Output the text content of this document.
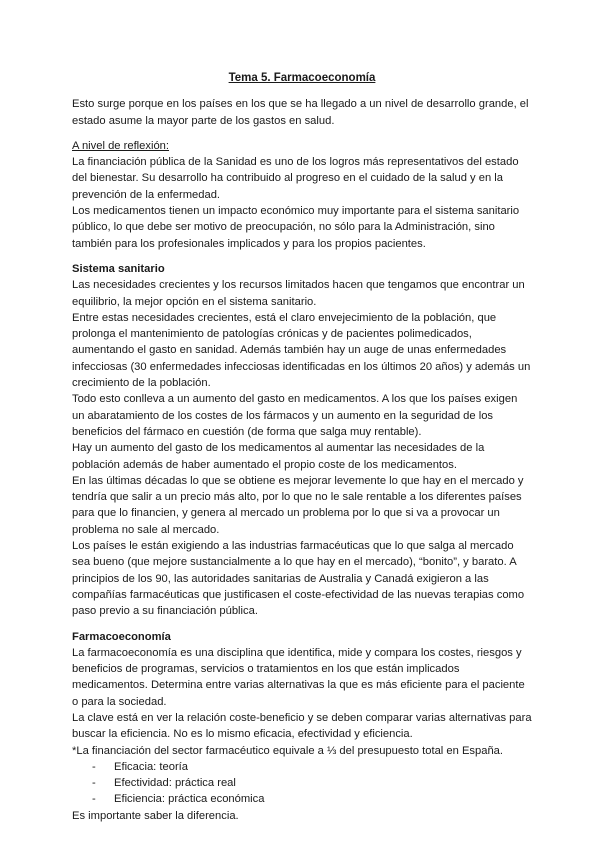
Tema 5. Farmacoeconomía

Esto surge porque en los países en los que se ha llegado a un nivel de desarrollo grande, el estado asume la mayor parte de los gastos en salud.

A nivel de reflexión:

La financiación pública de la Sanidad es uno de los logros más representativos del estado del bienestar. Su desarrollo ha contribuido al progreso en el cuidado de la salud y en la prevención de la enfermedad.

Los medicamentos tienen un impacto económico muy importante para el sistema sanitario público, lo que debe ser motivo de preocupación, no sólo para la Administración, sino también para los profesionales implicados y para los propios pacientes.

Sistema sanitario

Las necesidades crecientes y los recursos limitados hacen que tengamos que encontrar un equilibrio, la mejor opción en el sistema sanitario.

Entre estas necesidades crecientes, está el claro envejecimiento de la población, que prolonga el mantenimiento de patologías crónicas y de pacientes polimedicados, aumentando el gasto en sanidad. Además también hay un auge de unas enfermedades infecciosas (30 enfermedades infecciosas identificadas en los últimos 20 años) y además un crecimiento de la población.

Todo esto conlleva a un aumento del gasto en medicamentos. A los que los países exigen un abaratamiento de los costes de los fármacos y un aumento en la seguridad de los beneficios del fármaco en cuestión (de forma que salga muy rentable).

Hay un aumento del gasto de los medicamentos al aumentar las necesidades de la población además de haber aumentado el propio coste de los medicamentos.

En las últimas décadas lo que se obtiene es mejorar levemente lo que hay en el mercado y tendría que salir a un precio más alto, por lo que no le sale rentable a los diferentes países para que lo financien, y genera al mercado un problema por lo que si va a provocar un problema no sale al mercado.

Los países le están exigiendo a las industrias farmacéuticas que lo que salga al mercado sea bueno (que mejore sustancialmente a lo que hay en el mercado), “bonito”, y barato. A principios de los 90, las autoridades sanitarias de Australia y Canadá exigieron a las compañías farmacéuticas que justificasen el coste-efectividad de las nuevas terapias como paso previo a su financiación pública.

Farmacoeconomía

La farmacoeconomía es una disciplina que identifica, mide y compara los costes, riesgos y beneficios de programas, servicios o tratamientos en los que están implicados medicamentos. Determina entre varias alternativas la que es más eficiente para el paciente o para la sociedad.

La clave está en ver la relación coste-beneficio y se deben comparar varias alternativas para buscar la eficiencia. No es lo mismo eficacia, efectividad y eficiencia.

*La financiación del sector farmacéutico equivale a ⅓ del presupuesto total en España.

- Eficacia: teoría
- Efectividad: práctica real
- Eficiencia: práctica económica

Es importante saber la diferencia.
